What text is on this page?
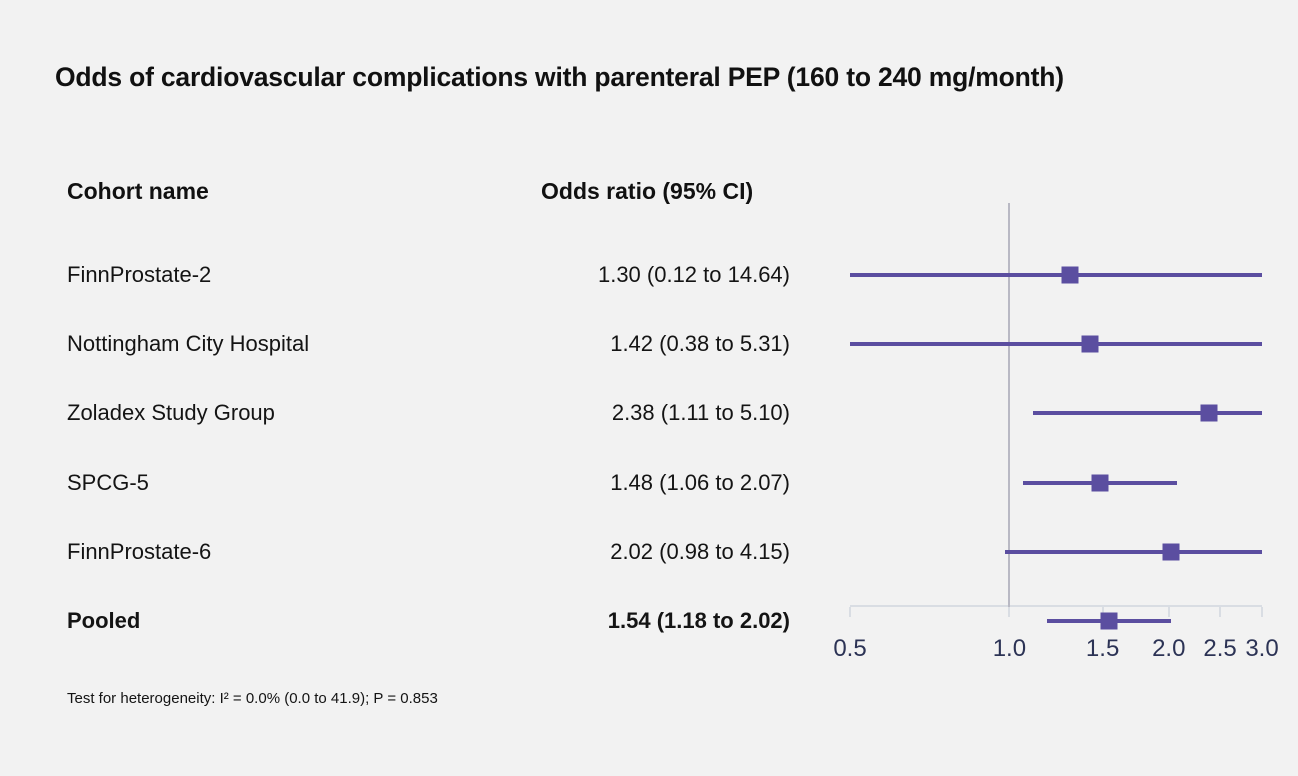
Odds of cardiovascular complications with parenteral PEP (160 to 240 mg/month)
Cohort name	Odds ratio (95% CI)
FinnProstate-2	1.30 (0.12 to 14.64)
Nottingham City Hospital	1.42 (0.38 to 5.31)
Zoladex Study Group	2.38 (1.11 to 5.10)
SPCG-5	1.48 (1.06 to 2.07)
FinnProstate-6	2.02 (0.98 to 4.15)
Pooled	1.54 (1.18 to 2.02)
Test for heterogeneity: I² = 0.0% (0.0 to 41.9); P = 0.853
0.5	1.0 1.5 2.0 2.5 3.0
